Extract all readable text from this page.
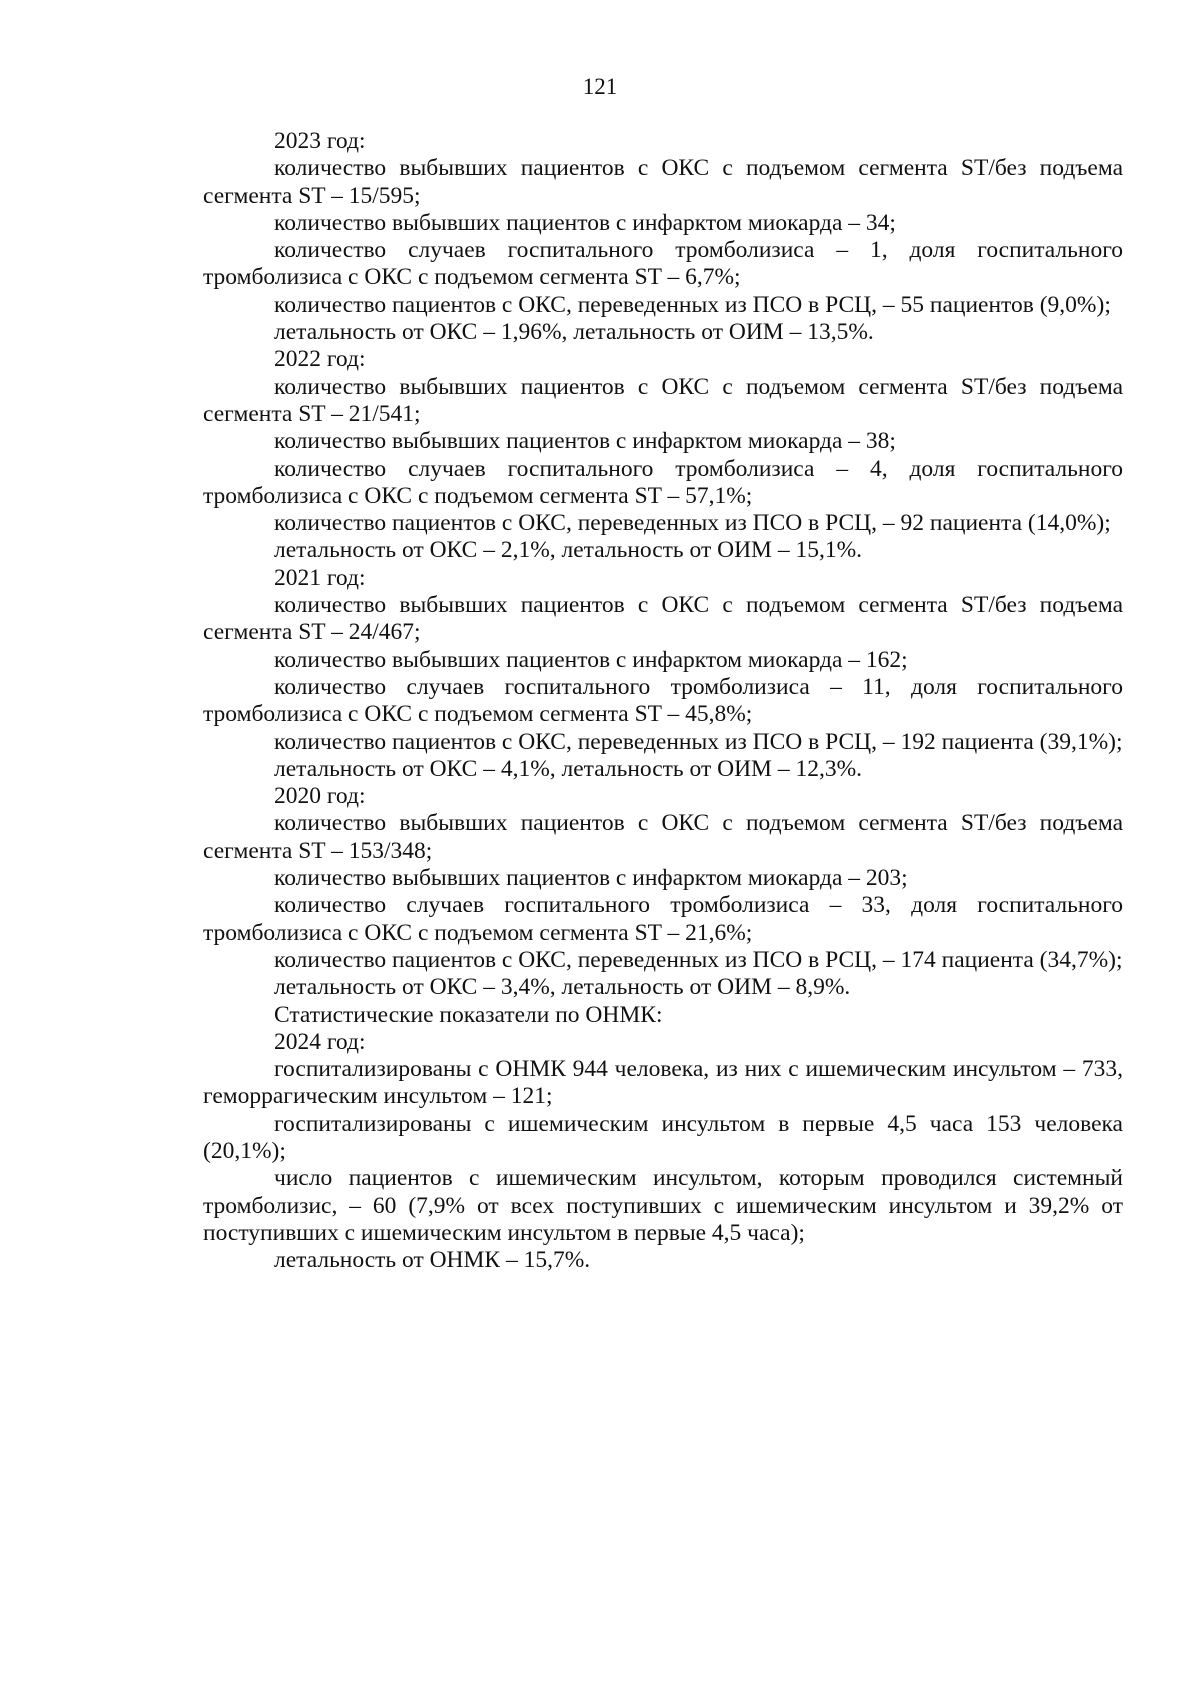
121

2023 год:

количество выбывших пациентов с ОКС с подъемом сегмента ST/без подъема сегмента ST – 15/595;

количество выбывших пациентов с инфарктом миокарда – 34;

количество случаев госпитального тромболизиса – 1, доля госпитального тромболизиса с ОКС с подъемом сегмента ST – 6,7%;

количество пациентов с ОКС, переведенных из ПСО в РСЦ, – 55 пациентов (9,0%);

летальность от ОКС – 1,96%, летальность от ОИМ – 13,5%.

2022 год:

количество выбывших пациентов с ОКС с подъемом сегмента ST/без подъема сегмента ST – 21/541;

количество выбывших пациентов с инфарктом миокарда – 38;

количество случаев госпитального тромболизиса – 4, доля госпитального тромболизиса с ОКС с подъемом сегмента ST – 57,1%;

количество пациентов с ОКС, переведенных из ПСО в РСЦ, – 92 пациента (14,0%);

летальность от ОКС – 2,1%, летальность от ОИМ – 15,1%.

2021 год:

количество выбывших пациентов с ОКС с подъемом сегмента ST/без подъема сегмента ST – 24/467;

количество выбывших пациентов с инфарктом миокарда – 162;

количество случаев госпитального тромболизиса – 11, доля госпитального тромболизиса с ОКС с подъемом сегмента ST – 45,8%;

количество пациентов с ОКС, переведенных из ПСО в РСЦ, – 192 пациента (39,1%);

летальность от ОКС – 4,1%, летальность от ОИМ – 12,3%.

2020 год:

количество выбывших пациентов с ОКС с подъемом сегмента ST/без подъема сегмента ST – 153/348;

количество выбывших пациентов с инфарктом миокарда – 203;

количество случаев госпитального тромболизиса – 33, доля госпитального тромболизиса с ОКС с подъемом сегмента ST – 21,6%;

количество пациентов с ОКС, переведенных из ПСО в РСЦ, – 174 пациента (34,7%);

летальность от ОКС – 3,4%, летальность от ОИМ – 8,9%.

Статистические показатели по ОНМК:

2024 год:

госпитализированы с ОНМК 944 человека, из них с ишемическим инсультом – 733, геморрагическим инсультом – 121;

госпитализированы с ишемическим инсультом в первые 4,5 часа 153 человека (20,1%);

число пациентов с ишемическим инсультом, которым проводился системный тромболизис, – 60 (7,9% от всех поступивших с ишемическим инсультом и 39,2% от поступивших с ишемическим инсультом в первые 4,5 часа);

летальность от ОНМК – 15,7%.
